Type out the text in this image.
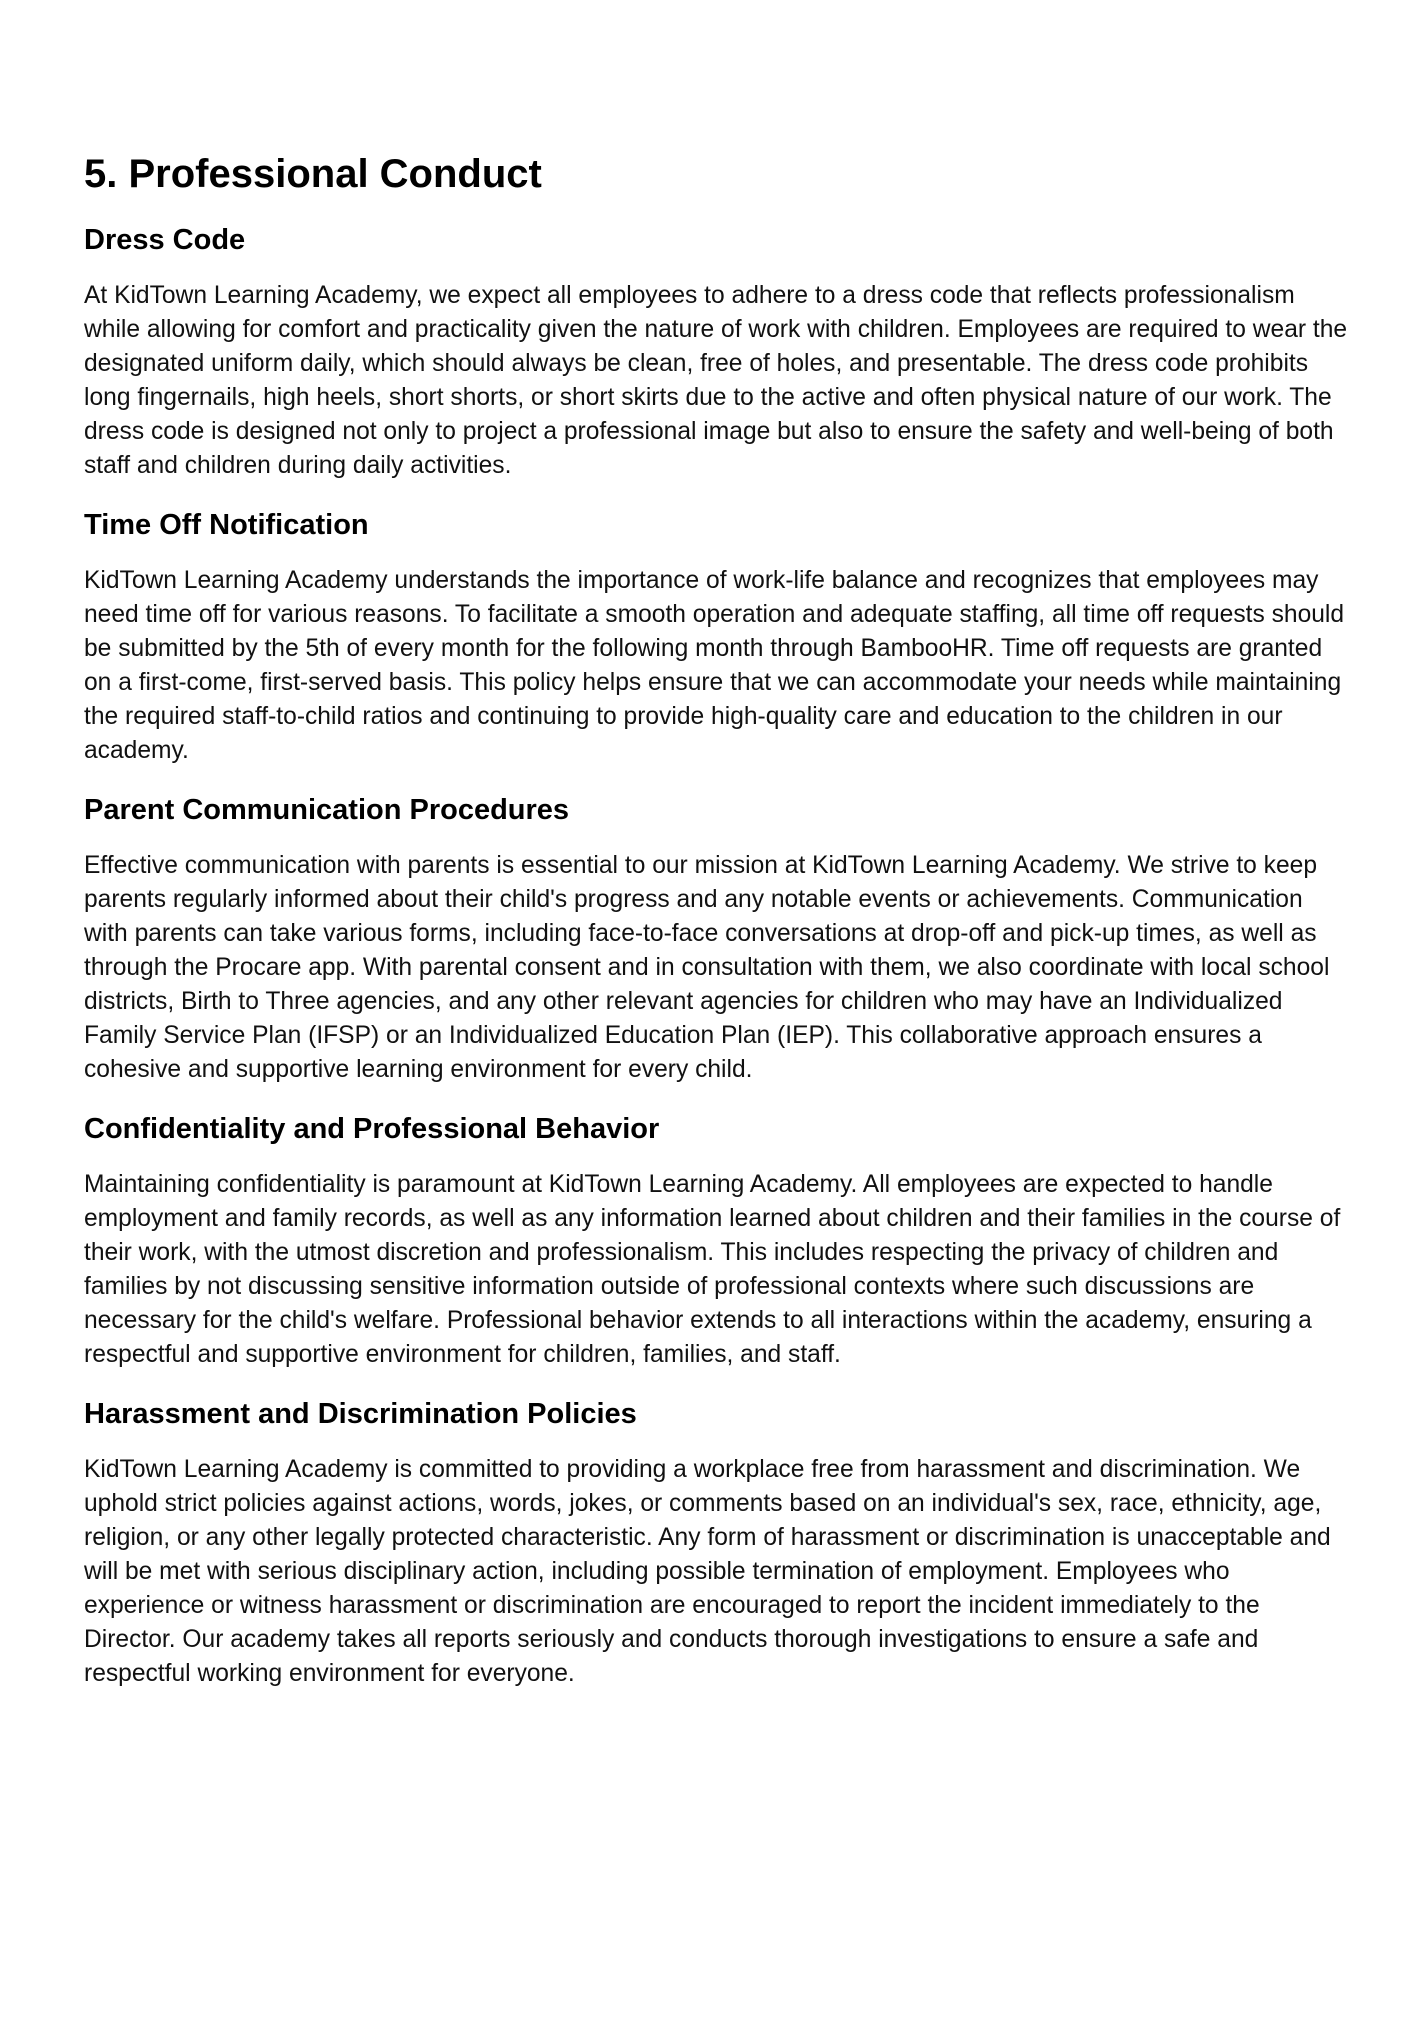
5. Professional Conduct
Dress Code

At KidTown Learning Academy, we expect all employees to adhere to a dress code that reflects professionalism while allowing for comfort and practicality given the nature of work with children. Employees are required to wear the designated uniform daily, which should always be clean, free of holes, and presentable. The dress code prohibits long fingernails, high heels, short shorts, or short skirts due to the active and often physical nature of our work. The dress code is designed not only to project a professional image but also to ensure the safety and well-being of both staff and children during daily activities.

Time Off Notification

KidTown Learning Academy understands the importance of work-life balance and recognizes that employees may need time off for various reasons. To facilitate a smooth operation and adequate staffing, all time off requests should be submitted by the 5th of every month for the following month through BambooHR. Time off requests are granted on a first-come, first-served basis. This policy helps ensure that we can accommodate your needs while maintaining the required staff-to-child ratios and continuing to provide high-quality care and education to the children in our academy.

Parent Communication Procedures

Effective communication with parents is essential to our mission at KidTown Learning Academy. We strive to keep parents regularly informed about their child's progress and any notable events or achievements. Communication with parents can take various forms, including face-to-face conversations at drop-off and pick-up times, as well as through the Procare app. With parental consent and in consultation with them, we also coordinate with local school districts, Birth to Three agencies, and any other relevant agencies for children who may have an Individualized Family Service Plan (IFSP) or an Individualized Education Plan (IEP). This collaborative approach ensures a cohesive and supportive learning environment for every child.

Confidentiality and Professional Behavior

Maintaining confidentiality is paramount at KidTown Learning Academy. All employees are expected to handle employment and family records, as well as any information learned about children and their families in the course of their work, with the utmost discretion and professionalism. This includes respecting the privacy of children and families by not discussing sensitive information outside of professional contexts where such discussions are necessary for the child's welfare. Professional behavior extends to all interactions within the academy, ensuring a respectful and supportive environment for children, families, and staff.

Harassment and Discrimination Policies

KidTown Learning Academy is committed to providing a workplace free from harassment and discrimination. We uphold strict policies against actions, words, jokes, or comments based on an individual's sex, race, ethnicity, age, religion, or any other legally protected characteristic. Any form of harassment or discrimination is unacceptable and will be met with serious disciplinary action, including possible termination of employment. Employees who experience or witness harassment or discrimination are encouraged to report the incident immediately to the Director. Our academy takes all reports seriously and conducts thorough investigations to ensure a safe and respectful working environment for everyone.
